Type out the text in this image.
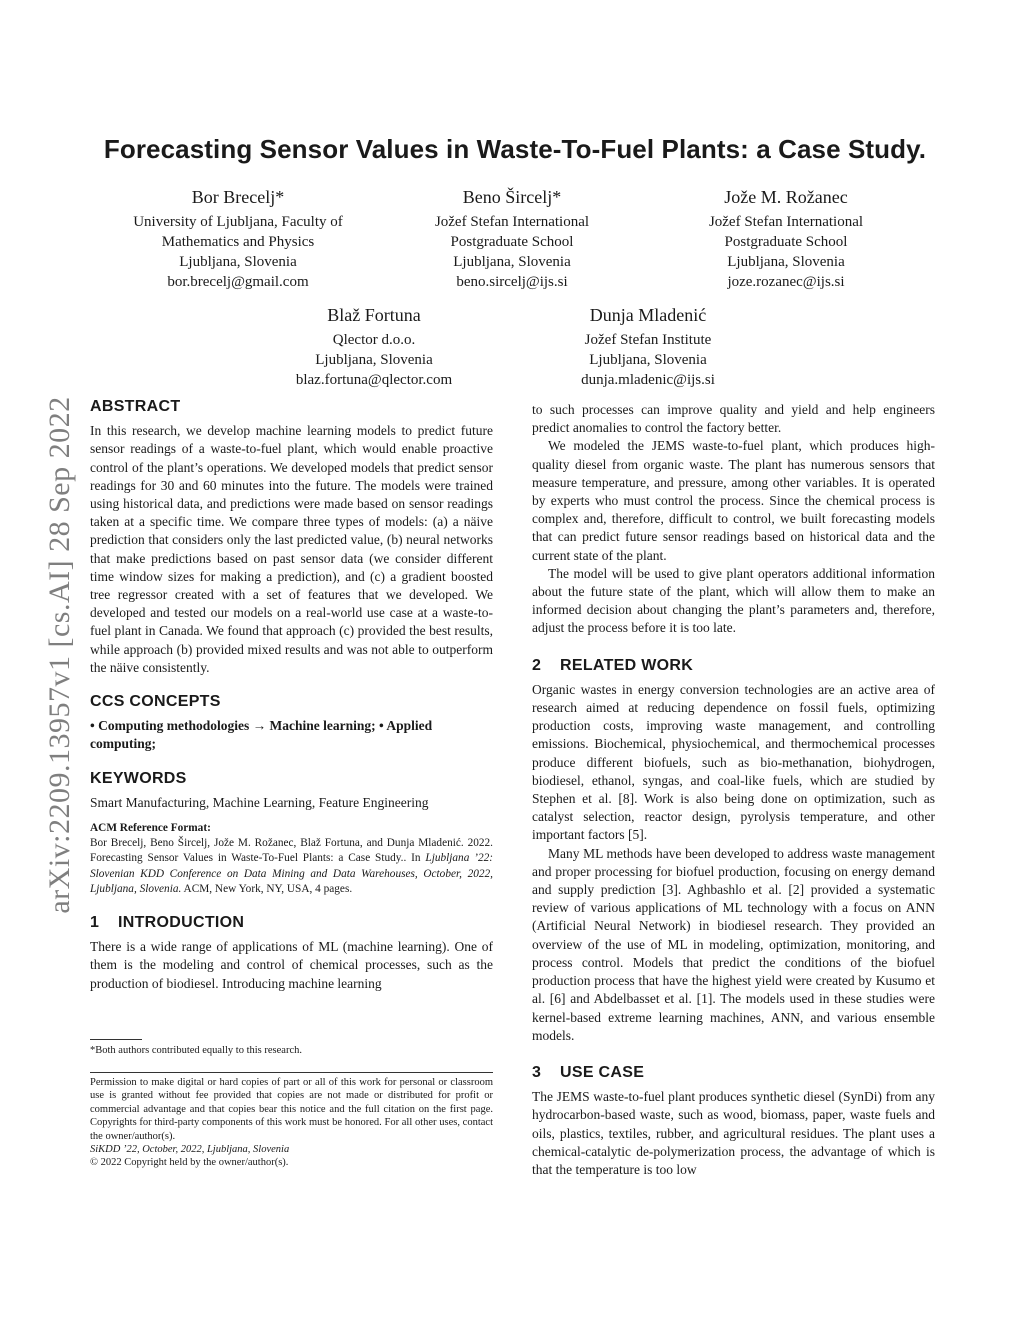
arXiv:2209.13957v1 [cs.AI] 28 Sep 2022
Forecasting Sensor Values in Waste-To-Fuel Plants: a Case Study.
Bor Brecelj*
University of Ljubljana, Faculty of
Mathematics and Physics
Ljubljana, Slovenia
bor.brecelj@gmail.com
Beno Šircelj*
Jožef Stefan International
Postgraduate School
Ljubljana, Slovenia
beno.sircelj@ijs.si
Jože M. Rožanec
Jožef Stefan International
Postgraduate School
Ljubljana, Slovenia
joze.rozanec@ijs.si
Blaž Fortuna
Qlector d.o.o.
Ljubljana, Slovenia
blaz.fortuna@qlector.com
Dunja Mladenić
Jožef Stefan Institute
Ljubljana, Slovenia
dunja.mladenic@ijs.si
ABSTRACT

In this research, we develop machine learning models to predict future sensor readings of a waste-to-fuel plant, which would enable proactive control of the plant’s operations. We developed models that predict sensor readings for 30 and 60 minutes into the future. The models were trained using historical data, and predictions were made based on sensor readings taken at a specific time. We compare three types of models: (a) a näive prediction that considers only the last predicted value, (b) neural networks that make predictions based on past sensor data (we consider different time window sizes for making a prediction), and (c) a gradient boosted tree regressor created with a set of features that we developed. We developed and tested our models on a real-world use case at a waste-to-fuel plant in Canada. We found that approach (c) provided the best results, while approach (b) provided mixed results and was not able to outperform the näive consistently.

CCS CONCEPTS

• Computing methodologies → Machine learning; • Applied computing;

KEYWORDS

Smart Manufacturing, Machine Learning, Feature Engineering

ACM Reference Format:
Bor Brecelj, Beno Šircelj, Jože M. Rožanec, Blaž Fortuna, and Dunja Mladenić. 2022. Forecasting Sensor Values in Waste-To-Fuel Plants: a Case Study.. In Ljubljana ’22: Slovenian KDD Conference on Data Mining and Data Warehouses, October, 2022, Ljubljana, Slovenia. ACM, New York, NY, USA, 4 pages.
1 INTRODUCTION

There is a wide range of applications of ML (machine learning). One of them is the modeling and control of chemical processes, such as the production of biodiesel. Introducing machine learning

*Both authors contributed equally to this research.
Permission to make digital or hard copies of part or all of this work for personal or classroom use is granted without fee provided that copies are not made or distributed for profit or commercial advantage and that copies bear this notice and the full citation on the first page. Copyrights for third-party components of this work must be honored. For all other uses, contact the owner/author(s).
SiKDD ’22, October, 2022, Ljubljana, Slovenia
© 2022 Copyright held by the owner/author(s).

to such processes can improve quality and yield and help engineers predict anomalies to control the factory better.

We modeled the JEMS waste-to-fuel plant, which produces high-quality diesel from organic waste. The plant has numerous sensors that measure temperature, and pressure, among other variables. It is operated by experts who must control the process. Since the chemical process is complex and, therefore, difficult to control, we built forecasting models that can predict future sensor readings based on historical data and the current state of the plant.

The model will be used to give plant operators additional information about the future state of the plant, which will allow them to make an informed decision about changing the plant’s parameters and, therefore, adjust the process before it is too late.

2 RELATED WORK

Organic wastes in energy conversion technologies are an active area of research aimed at reducing dependence on fossil fuels, optimizing production costs, improving waste management, and controlling emissions. Biochemical, physiochemical, and thermochemical processes produce different biofuels, such as bio-methanation, biohydrogen, biodiesel, ethanol, syngas, and coal-like fuels, which are studied by Stephen et al. [8]. Work is also being done on optimization, such as catalyst selection, reactor design, pyrolysis temperature, and other important factors [5].

Many ML methods have been developed to address waste management and proper processing for biofuel production, focusing on energy demand and supply prediction [3]. Aghbashlo et al. [2] provided a systematic review of various applications of ML technology with a focus on ANN (Artificial Neural Network) in biodiesel research. They provided an overview of the use of ML in modeling, optimization, monitoring, and process control. Models that predict the conditions of the biofuel production process that have the highest yield were created by Kusumo et al. [6] and Abdelbasset et al. [1]. The models used in these studies were kernel-based extreme learning machines, ANN, and various ensemble models.

3 USE CASE

The JEMS waste-to-fuel plant produces synthetic diesel (SynDi) from any hydrocarbon-based waste, such as wood, biomass, paper, waste fuels and oils, plastics, textiles, rubber, and agricultural residues. The plant uses a chemical-catalytic de-polymerization process, the advantage of which is that the temperature is too low
